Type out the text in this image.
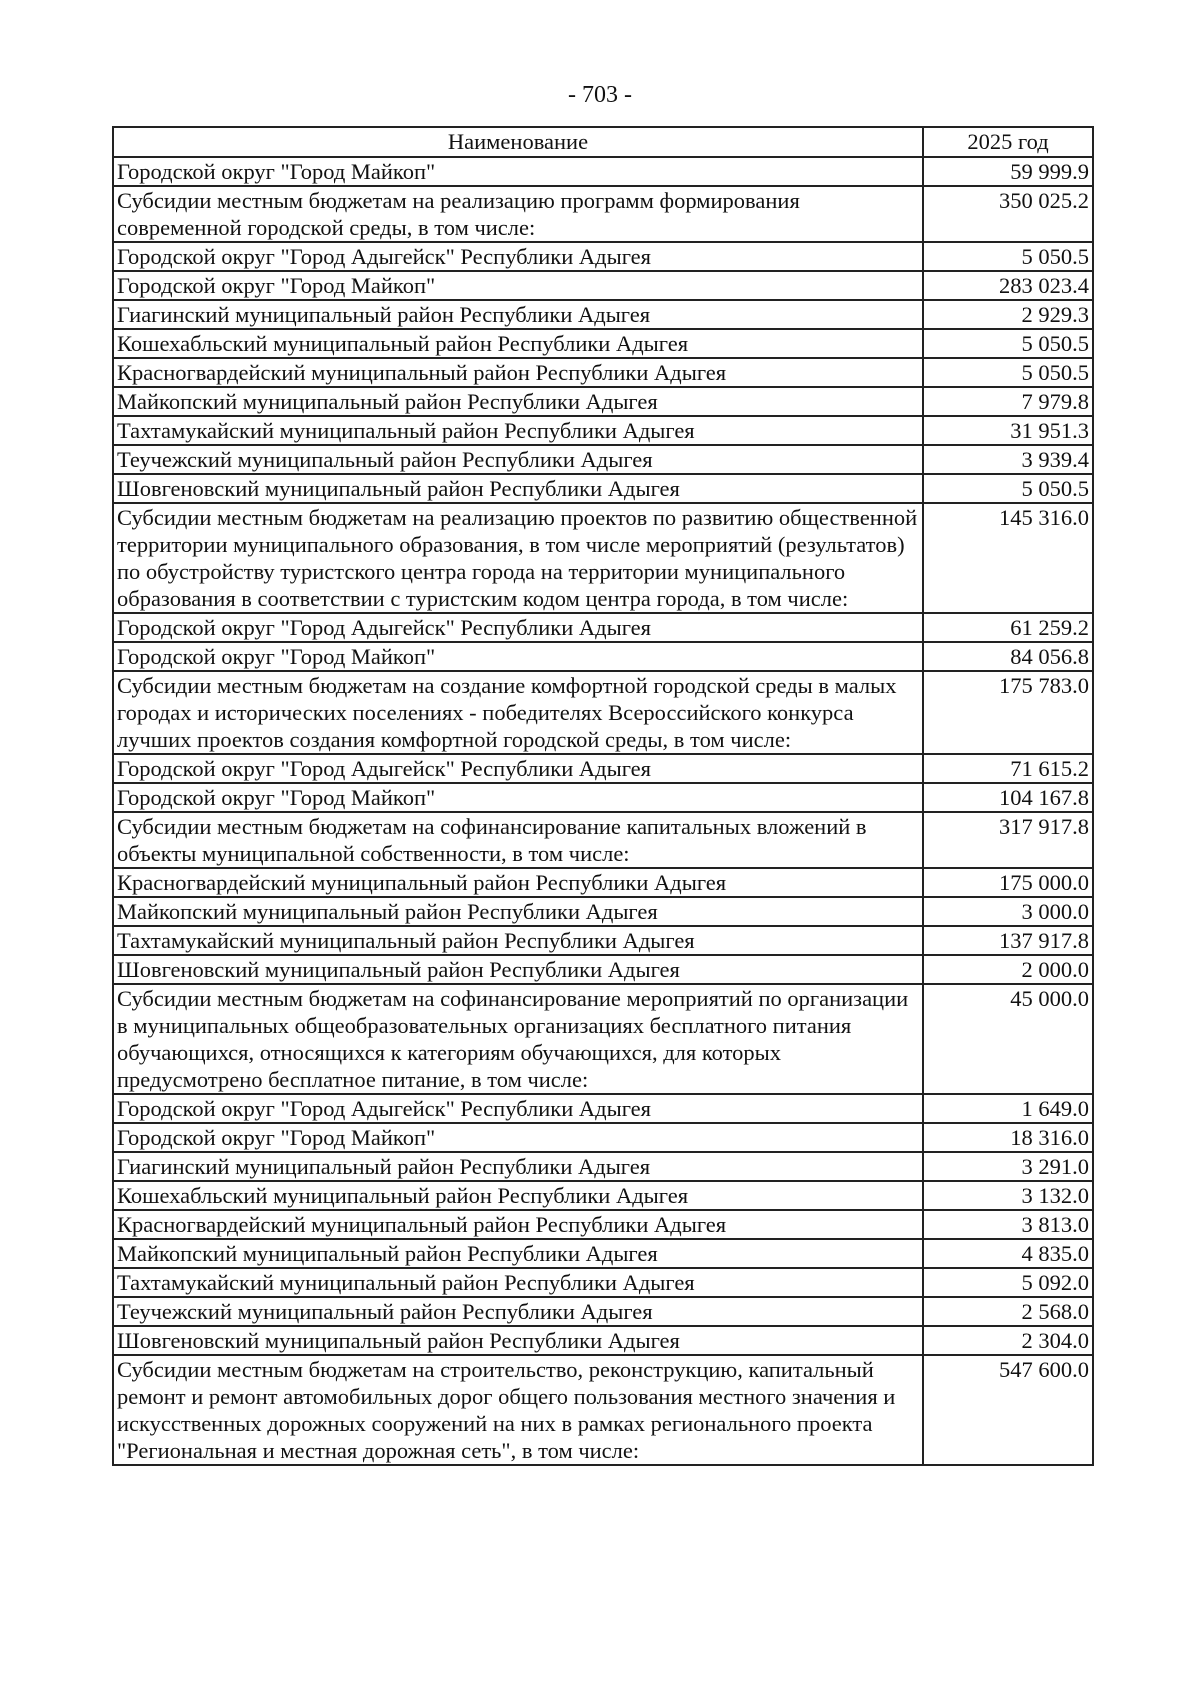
- 703 -
Наименование	2025 год
Городской округ "Город Майкоп"	59 999.9
Субсидии местным бюджетам на реализацию программ формирования современной городской среды, в том числе:	350 025.2
Городской округ "Город Адыгейск" Республики Адыгея	5 050.5
Городской округ "Город Майкоп"	283 023.4
Гиагинский муниципальный район Республики Адыгея	2 929.3
Кошехабльский муниципальный район Республики Адыгея	5 050.5
Красногвардейский муниципальный район Республики Адыгея	5 050.5
Майкопский муниципальный район Республики Адыгея	7 979.8
Тахтамукайский муниципальный район Республики Адыгея	31 951.3
Теучежский муниципальный район Республики Адыгея	3 939.4
Шовгеновский муниципальный район Республики Адыгея	5 050.5
Субсидии местным бюджетам на реализацию проектов по развитию общественной территории муниципального образования, в том числе мероприятий (результатов) по обустройству туристского центра города на территории муниципального образования в соответствии с туристским кодом центра города, в том числе:	145 316.0
Городской округ "Город Адыгейск" Республики Адыгея	61 259.2
Городской округ "Город Майкоп"	84 056.8
Субсидии местным бюджетам на создание комфортной городской среды в малых городах и исторических поселениях - победителях Всероссийского конкурса лучших проектов создания комфортной городской среды, в том числе:	175 783.0
Городской округ "Город Адыгейск" Республики Адыгея	71 615.2
Городской округ "Город Майкоп"	104 167.8
Субсидии местным бюджетам на софинансирование капитальных вложений в объекты муниципальной собственности, в том числе:	317 917.8
Красногвардейский муниципальный район Республики Адыгея	175 000.0
Майкопский муниципальный район Республики Адыгея	3 000.0
Тахтамукайский муниципальный район Республики Адыгея	137 917.8
Шовгеновский муниципальный район Республики Адыгея	2 000.0
Субсидии местным бюджетам на софинансирование мероприятий по организации в муниципальных общеобразовательных организациях бесплатного питания обучающихся, относящихся к категориям обучающихся, для которых предусмотрено бесплатное питание, в том числе:	45 000.0
Городской округ "Город Адыгейск" Республики Адыгея	1 649.0
Городской округ "Город Майкоп"	18 316.0
Гиагинский муниципальный район Республики Адыгея	3 291.0
Кошехабльский муниципальный район Республики Адыгея	3 132.0
Красногвардейский муниципальный район Республики Адыгея	3 813.0
Майкопский муниципальный район Республики Адыгея	4 835.0
Тахтамукайский муниципальный район Республики Адыгея	5 092.0
Теучежский муниципальный район Республики Адыгея	2 568.0
Шовгеновский муниципальный район Республики Адыгея	2 304.0
Субсидии местным бюджетам на строительство, реконструкцию, капитальный ремонт и ремонт автомобильных дорог общего пользования местного значения и искусственных дорожных сооружений на них в рамках регионального проекта "Региональная и местная дорожная сеть", в том числе:	547 600.0
